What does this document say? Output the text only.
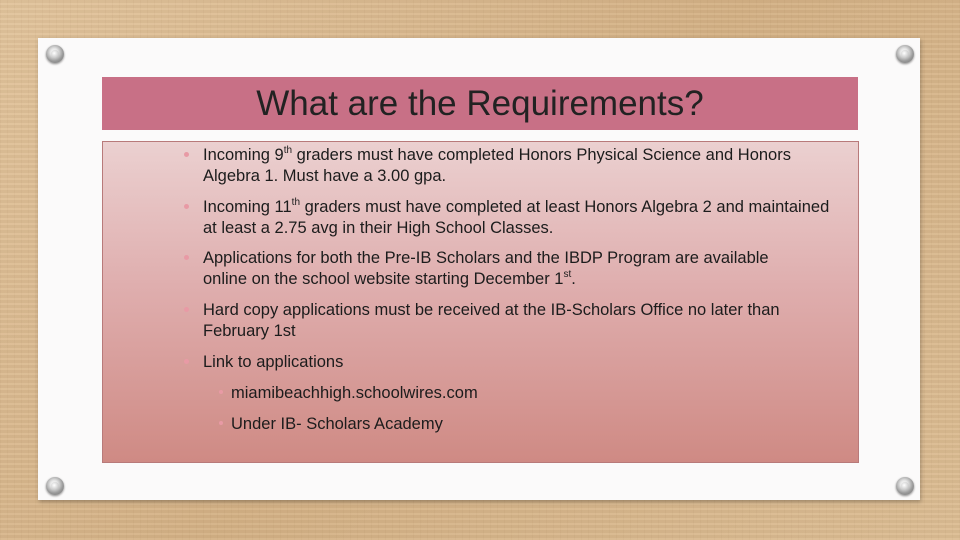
What are the Requirements?
Incoming 9th graders must have completed Honors Physical Science and Honors Algebra 1. Must have a 3.00 gpa.
Incoming 11th graders must have completed at least Honors Algebra 2 and maintained at least a 2.75 avg in their High School Classes.
Applications for both the Pre-IB Scholars and the IBDP Program are available online on the school website starting December 1st.
Hard copy applications must be received at the IB-Scholars Office no later than February 1st
Link to applications
miamibeachhigh.schoolwires.com
Under IB- Scholars Academy
